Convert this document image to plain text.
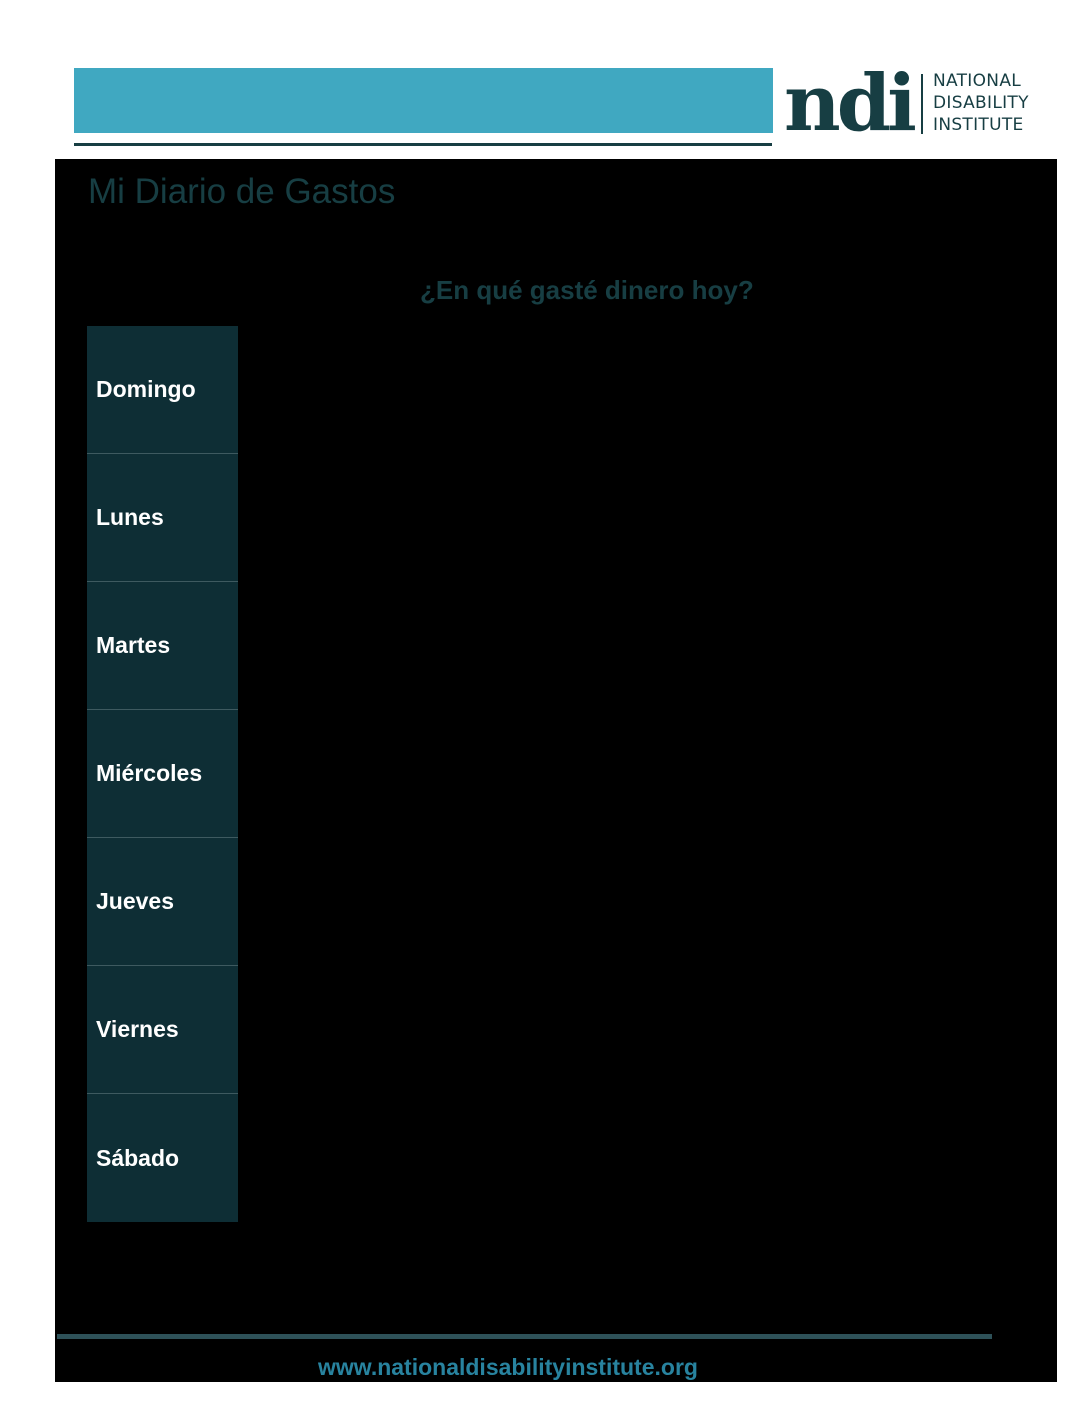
ndi NATIONAL
DISABILITY
INSTITUTE
Mi Diario de Gastos
¿En qué gasté dinero hoy?
Domingo
Lunes
Martes
Miércoles
Jueves
Viernes
Sábado
www.nationaldisabilityinstitute.org
